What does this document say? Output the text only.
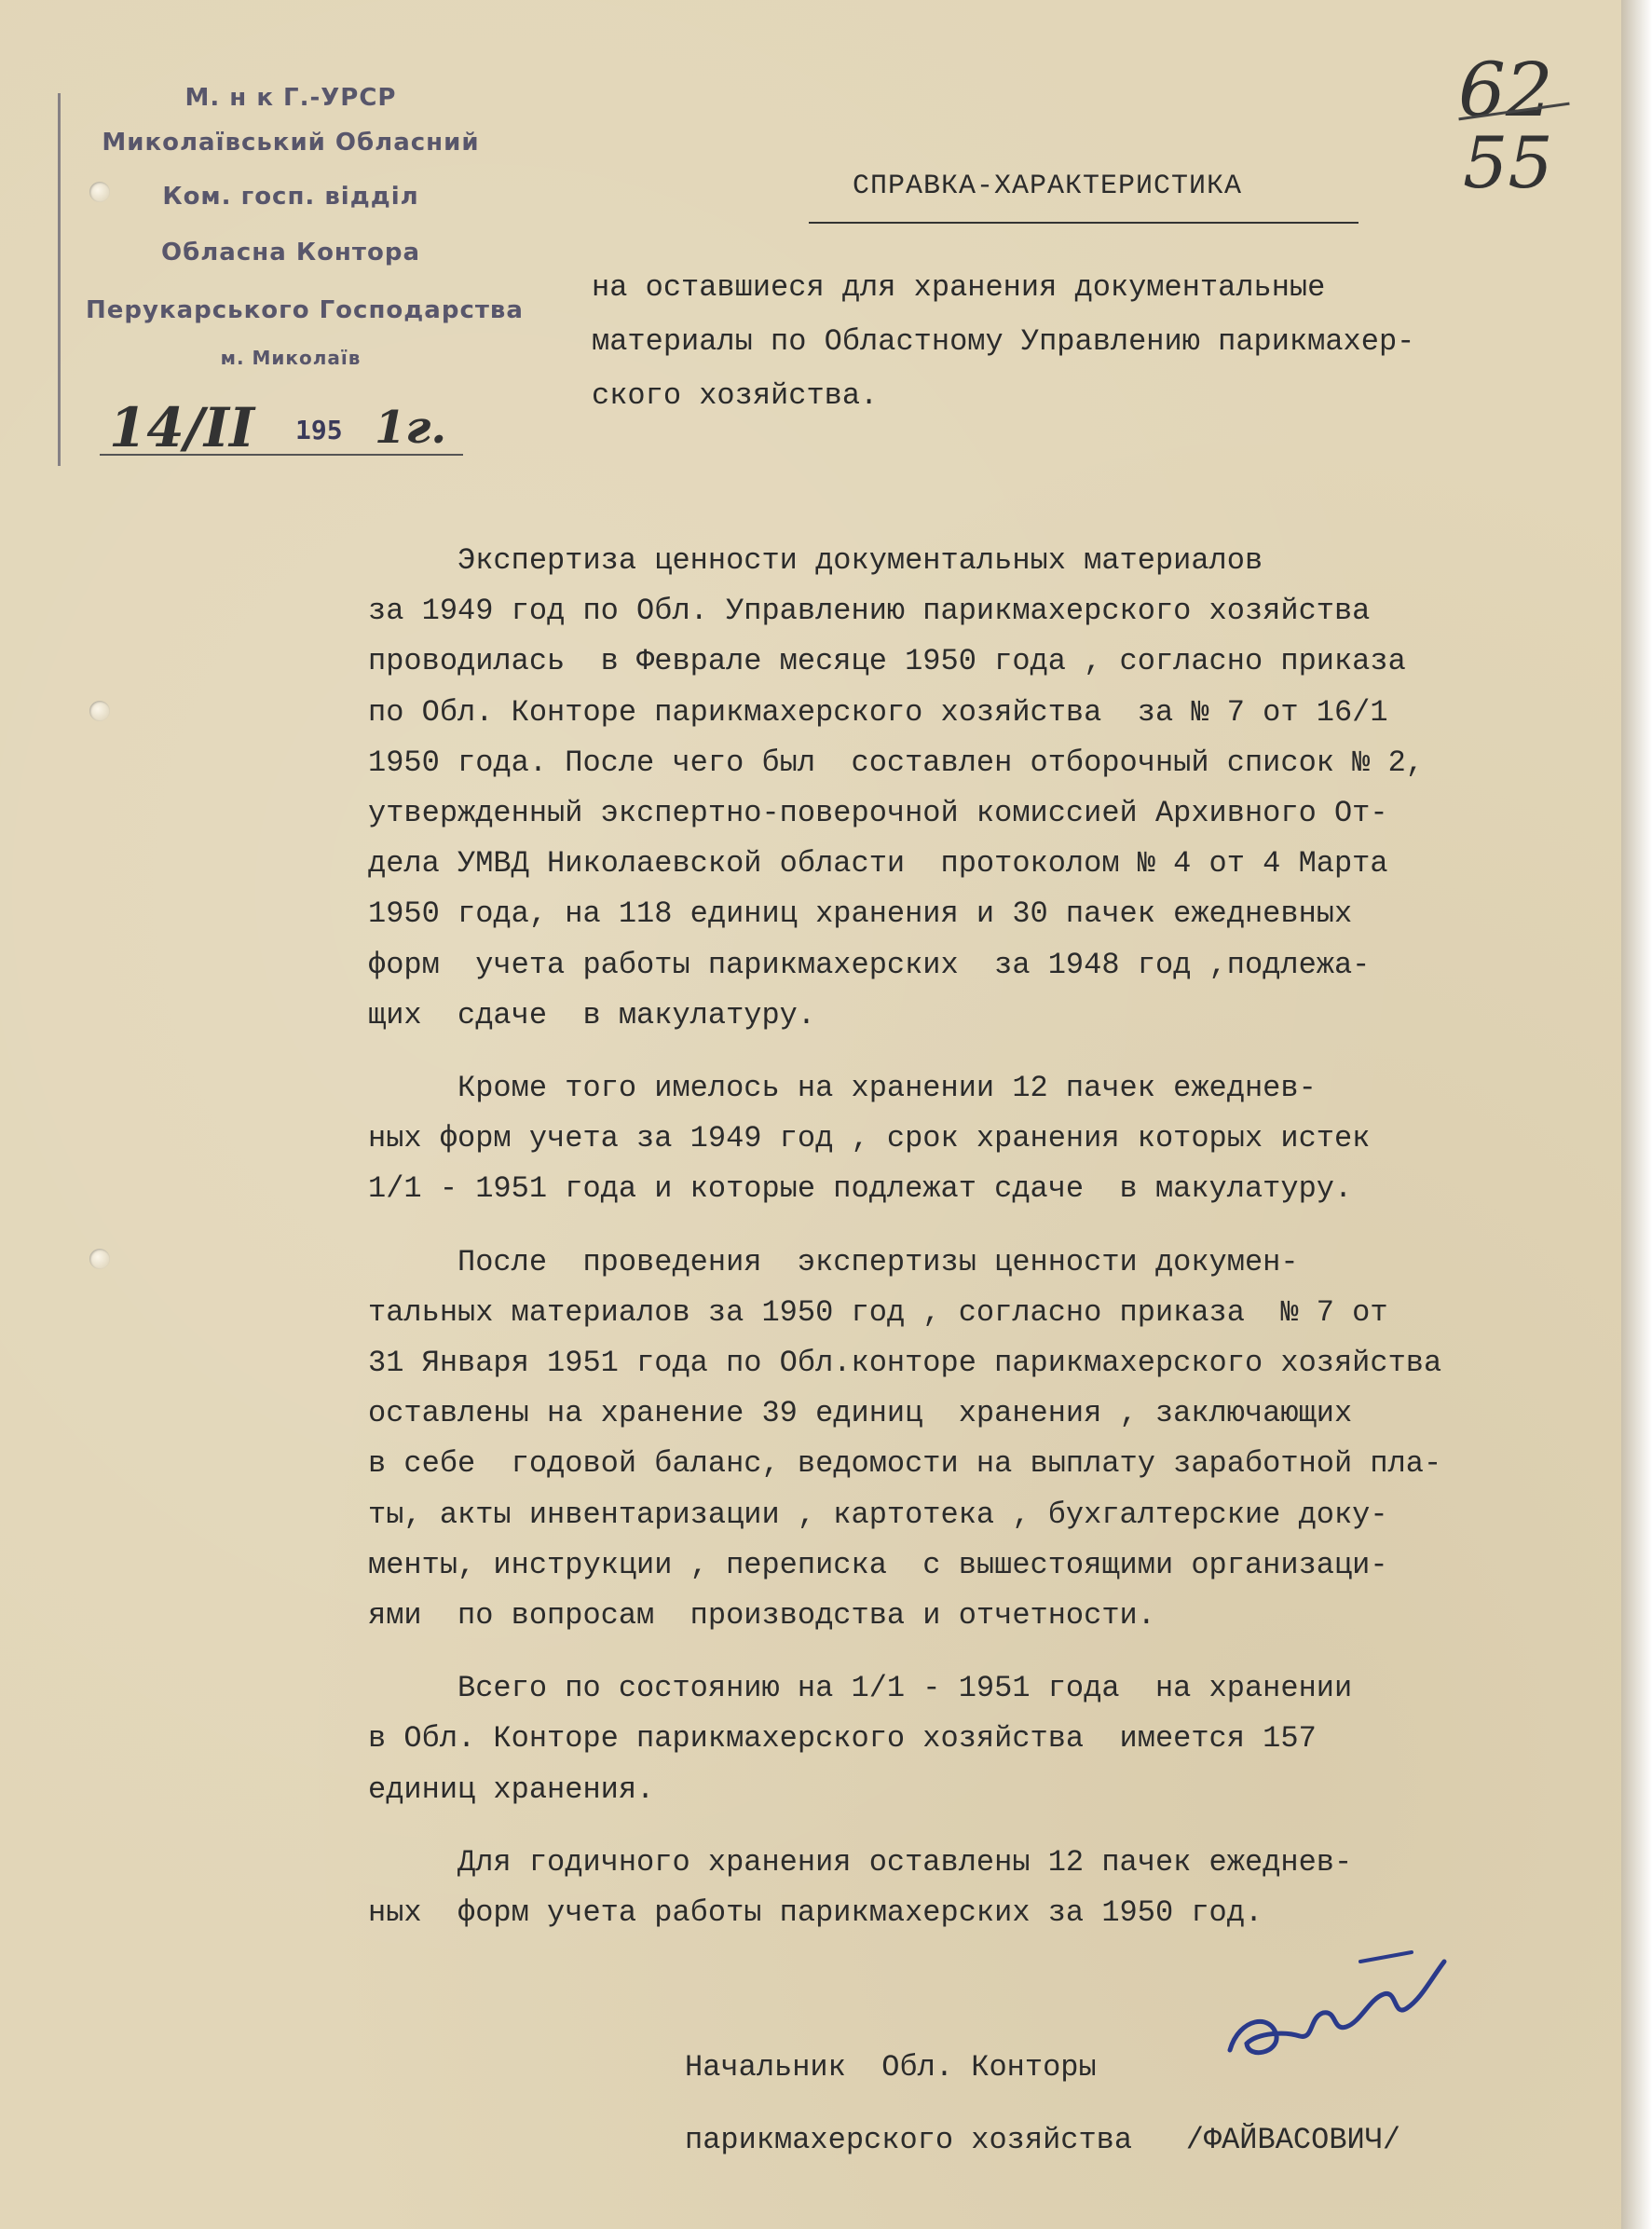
М. н к Г.-УРСР
Миколаївський Обласний
Ком. госп. відділ
Обласна Контора
Перукарського Господарства
м. Миколаїв
14/II 195 1г.
62
55
СПРАВКА-ХАРАКТЕРИСТИКА
на оставшиеся для хранения документальные
материалы по Областному Управлению парикмахер-
ского хозяйства.

Экспертиза ценности документальных материалов
за 1949 год по Обл. Управлению парикмахерского хозяйства
проводилась  в Феврале месяце 1950 года , согласно приказа
по Обл. Конторе парикмахерского хозяйства  за № 7 от 16/1
1950 года. После чего был  составлен отборочный список № 2,
утвержденный экспертно-поверочной комиссией Архивного От-
дела УМВД Николаевской области  протоколом № 4 от 4 Марта
1950 года, на 118 единиц хранения и 30 пачек ежедневных
форм  учета работы парикмахерских  за 1948 год ,подлежа-
щих  сдаче  в макулатуру.

Кроме того имелось на хранении 12 пачек ежеднев-
ных форм учета за 1949 год , срок хранения которых истек
1/1 - 1951 года и которые подлежат сдаче  в макулатуру.

После  проведения  экспертизы ценности докумен-
тальных материалов за 1950 год , согласно приказа  № 7 от
31 Января 1951 года по Обл.конторе парикмахерского хозяйства
оставлены на хранение 39 единиц  хранения , заключающих
в себе  годовой баланс, ведомости на выплату заработной пла-
ты, акты инвентаризации , картотека , бухгалтерские доку-
менты, инструкции , переписка  с вышестоящими организаци-
ями  по вопросам  производства и отчетности.

Всего по состоянию на 1/1 - 1951 года  на хранении
в Обл. Конторе парикмахерского хозяйства  имеется 157
единиц хранения.

Для годичного хранения оставлены 12 пачек ежеднев-
ных  форм учета работы парикмахерских за 1950 год.

Начальник  Обл. Конторы
парикмахерского хозяйства /ФАЙВАСОВИЧ/
